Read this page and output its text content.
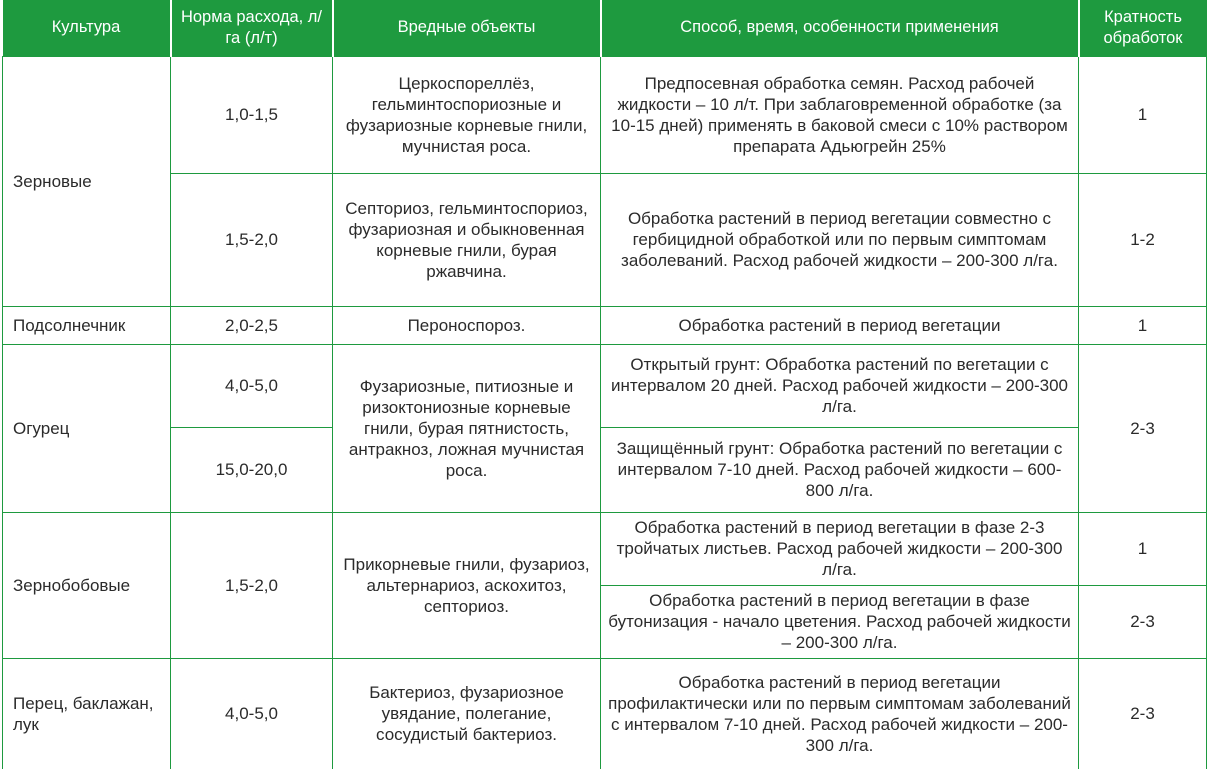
Культура	Норма расхода, л/га (л/т)	Вредные объекты	Способ, время, особенности применения	Кратность обработок
Зерновые	1,0-1,5	Церкоспореллёз, гельминтоспориозные и фузариозные корневые гнили, мучнистая роса.	Предпосевная обработка семян. Расход рабочей жидкости – 10 л/т. При заблаговременной обработке (за 10-15 дней) применять в баковой смеси с 10% раствором препарата Адьюгрейн 25%	1
	1,5-2,0	Септориоз, гельминтоспориоз, фузариозная и обыкновенная корневые гнили, бурая ржавчина.	Обработка растений в период вегетации совместно с гербицидной обработкой или по первым симптомам заболеваний. Расход рабочей жидкости – 200-300 л/га.	1-2
Подсолнечник	2,0-2,5	Пероноспороз.	Обработка растений в период вегетации	1
Огурец	4,0-5,0	Фузариозные, питиозные и ризоктониозные корневые гнили, бурая пятнистость, антракноз, ложная мучнистая роса.	Открытый грунт: Обработка растений по вегетации с интервалом 20 дней. Расход рабочей жидкости – 200-300 л/га.	2-3
	15,0-20,0		Защищённый грунт: Обработка растений по вегетации с интервалом 7-10 дней. Расход рабочей жидкости – 600-800 л/га.	
Зернобобовые	1,5-2,0	Прикорневые гнили, фузариоз, альтернариоз, аскохитоз, септориоз.	Обработка растений в период вегетации в фазе 2-3 тройчатых листьев. Расход рабочей жидкости – 200-300 л/га.	1
			Обработка растений в период вегетации в фазе бутонизация - начало цветения. Расход рабочей жидкости – 200-300 л/га.	2-3
Перец, баклажан, лук	4,0-5,0	Бактериоз, фузариозное увядание, полегание, сосудистый бактериоз.	Обработка растений в период вегетации профилактически или по первым симптомам заболеваний с интервалом 7-10 дней. Расход рабочей жидкости – 200-300 л/га.	2-3
